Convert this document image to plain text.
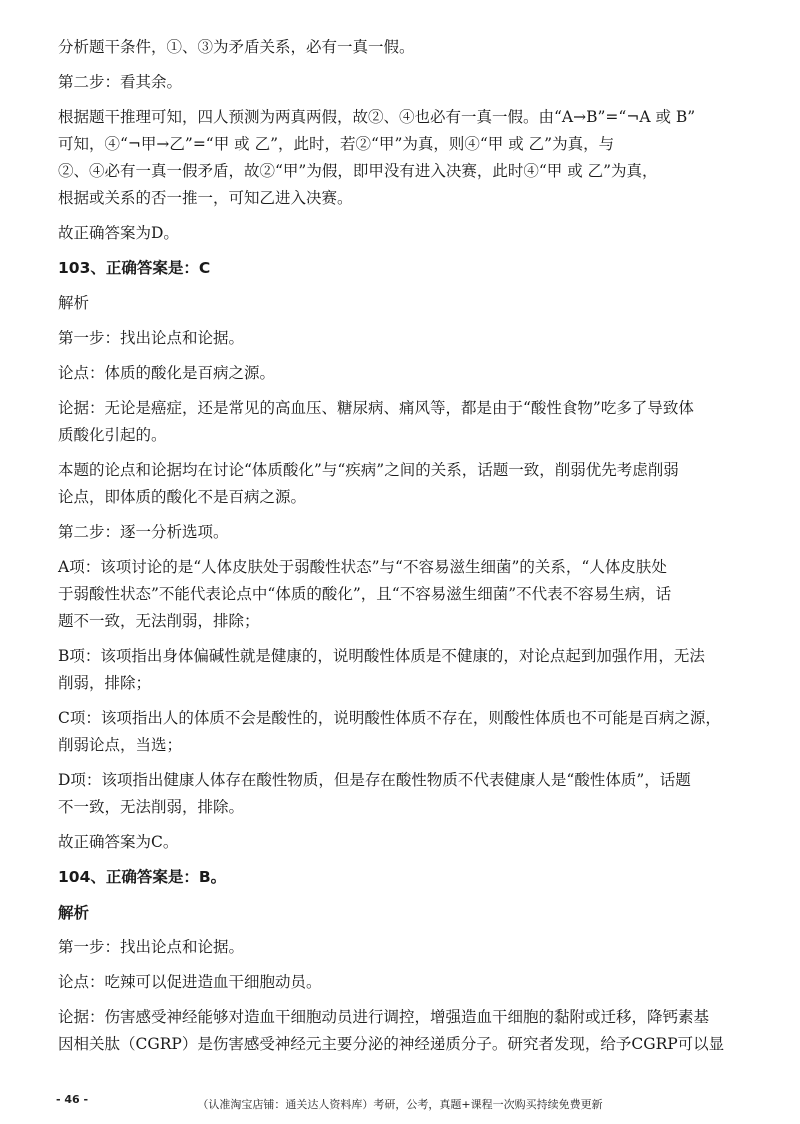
分析题干条件，①、③为矛盾关系，必有一真一假。

第二步：看其余。

根据题干推理可知，四人预测为两真两假，故②、④也必有一真一假。由“A→B”=“¬A 或 B”

可知，④“¬甲→乙”=“甲 或 乙”，此时，若②“甲”为真，则④“甲 或 乙”为真，与

②、④必有一真一假矛盾，故②“甲”为假，即甲没有进入决赛，此时④“甲 或 乙”为真，

根据或关系的否一推一，可知乙进入决赛。

故正确答案为D。

103、正确答案是：C

解析

第一步：找出论点和论据。

论点：体质的酸化是百病之源。

论据：无论是癌症，还是常见的高血压、糖尿病、痛风等，都是由于“酸性食物”吃多了导致体

质酸化引起的。

本题的论点和论据均在讨论“体质酸化”与“疾病”之间的关系，话题一致，削弱优先考虑削弱

论点，即体质的酸化不是百病之源。

第二步：逐一分析选项。

A项：该项讨论的是“人体皮肤处于弱酸性状态”与“不容易滋生细菌”的关系，“人体皮肤处

于弱酸性状态”不能代表论点中“体质的酸化”，且“不容易滋生细菌”不代表不容易生病，话

题不一致，无法削弱，排除；

B项：该项指出身体偏碱性就是健康的，说明酸性体质是不健康的，对论点起到加强作用，无法

削弱，排除；

C项：该项指出人的体质不会是酸性的，说明酸性体质不存在，则酸性体质也不可能是百病之源，

削弱论点，当选；

D项：该项指出健康人体存在酸性物质，但是存在酸性物质不代表健康人是“酸性体质”，话题

不一致，无法削弱，排除。

故正确答案为C。

104、正确答案是：B。

解析

第一步：找出论点和论据。

论点：吃辣可以促进造血干细胞动员。

论据：伤害感受神经能够对造血干细胞动员进行调控，增强造血干细胞的黏附或迁移，降钙素基

因相关肽（CGRP）是伤害感受神经元主要分泌的神经递质分子。研究者发现，给予CGRP可以显

- 46 -	（认准淘宝店铺：通关达人资料库）考研，公考，真题+课程一次购买持续免费更新
